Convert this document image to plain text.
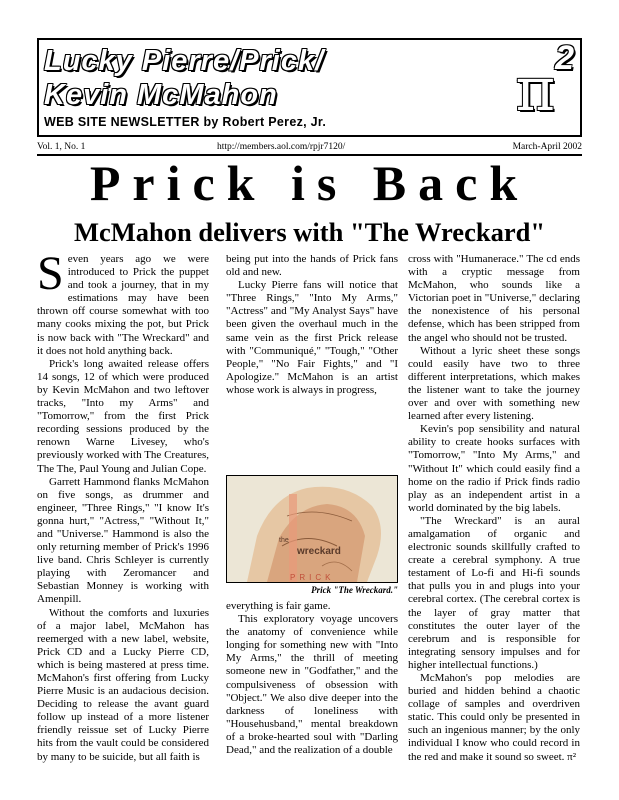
Lucky Pierre/Prick/
Kevin McMahon	$\pi^2$
WEB SITE NEWSLETTER by Robert Perez, Jr.
Vol. 1, No. 1	http://members.aol.com/rpjr7120/	March-April 2002
Prick is Back
McMahon delivers with "The Wreckard"
S even years ago we were introduced to Prick the puppet and took a journey, that in my estimations may have been thrown off course somewhat with too many cooks mixing the pot, but Prick is now back with "The Wreckard" and it does not hold anything back.

Prick's long awaited release offers 14 songs, 12 of which were produced by Kevin McMahon and two leftover tracks, "Into my Arms" and "Tomorrow," from the first Prick recording sessions produced by the renown Warne Livesey, who's previously worked with The Creatures, The The, Paul Young and Julian Cope.

Garrett Hammond flanks McMahon on five songs, as drummer and engineer, "Three Rings," "I know It's gonna hurt," "Actress," "Without It," and "Universe." Hammond is also the only returning member of Prick's 1996 live band. Chris Schleyer is currently playing with Zeromancer and Sebastian Monney is working with Amenpill.

Without the comforts and luxuries of a major label, McMahon has reemerged with a new label, website, Prick CD and a Lucky Pierre CD, which is being mastered at press time. McMahon's first offering from Lucky Pierre Music is an audacious decision. Deciding to release the avant guard follow up instead of a more listener friendly reissue set of Lucky Pierre hits from the vault could be considered by many to be suicide, but all faith is

being put into the hands of Prick fans old and new.

Lucky Pierre fans will notice that "Three Rings," "Into My Arms," "Actress" and "My Analyst Says" have been given the overhaul much in the same vein as the first Prick release with "Communiqué," "Tough," "Other People," "No Fair Fights," and "I Apologize." McMahon is an artist whose work is always in progress,

the
wreckard
PRICK
Prick "The Wreckard."

everything is fair game.

This exploratory voyage uncovers the anatomy of convenience while longing for something new with "Into My Arms," the thrill of meeting someone new in "Godfather," and the compulsiveness of obsession with "Object." We also dive deeper into the darkness of loneliness with "Househusband," mental breakdown of a broke-hearted soul with "Darling Dead," and the realization of a double

cross with "Humanerace." The cd ends with a cryptic message from McMahon, who sounds like a Victorian poet in "Universe," declaring the nonexistence of his personal defense, which has been stripped from the angel who should not be trusted.

Without a lyric sheet these songs could easily have two to three different interpretations, which makes the listener want to take the journey over and over with something new learned after every listening.

Kevin's pop sensibility and natural ability to create hooks surfaces with "Tomorrow," "Into My Arms," and "Without It" which could easily find a home on the radio if Prick finds radio play as an independent artist in a world dominated by the big labels.

"The Wreckard" is an aural amalgamation of organic and electronic sounds skillfully crafted to create a cerebral symphony. A true testament of Lo-fi and Hi-fi sounds that pulls you in and plugs into your cerebral cortex. (The cerebral cortex is the layer of gray matter that constitutes the outer layer of the cerebrum and is responsible for integrating sensory impulses and for higher intellectual functions.)

McMahon's pop melodies are buried and hidden behind a chaotic collage of samples and overdriven static. This could only be presented in such an ingenious manner; by the only individual I know who could record in the red and make it sound so sweet. π²
